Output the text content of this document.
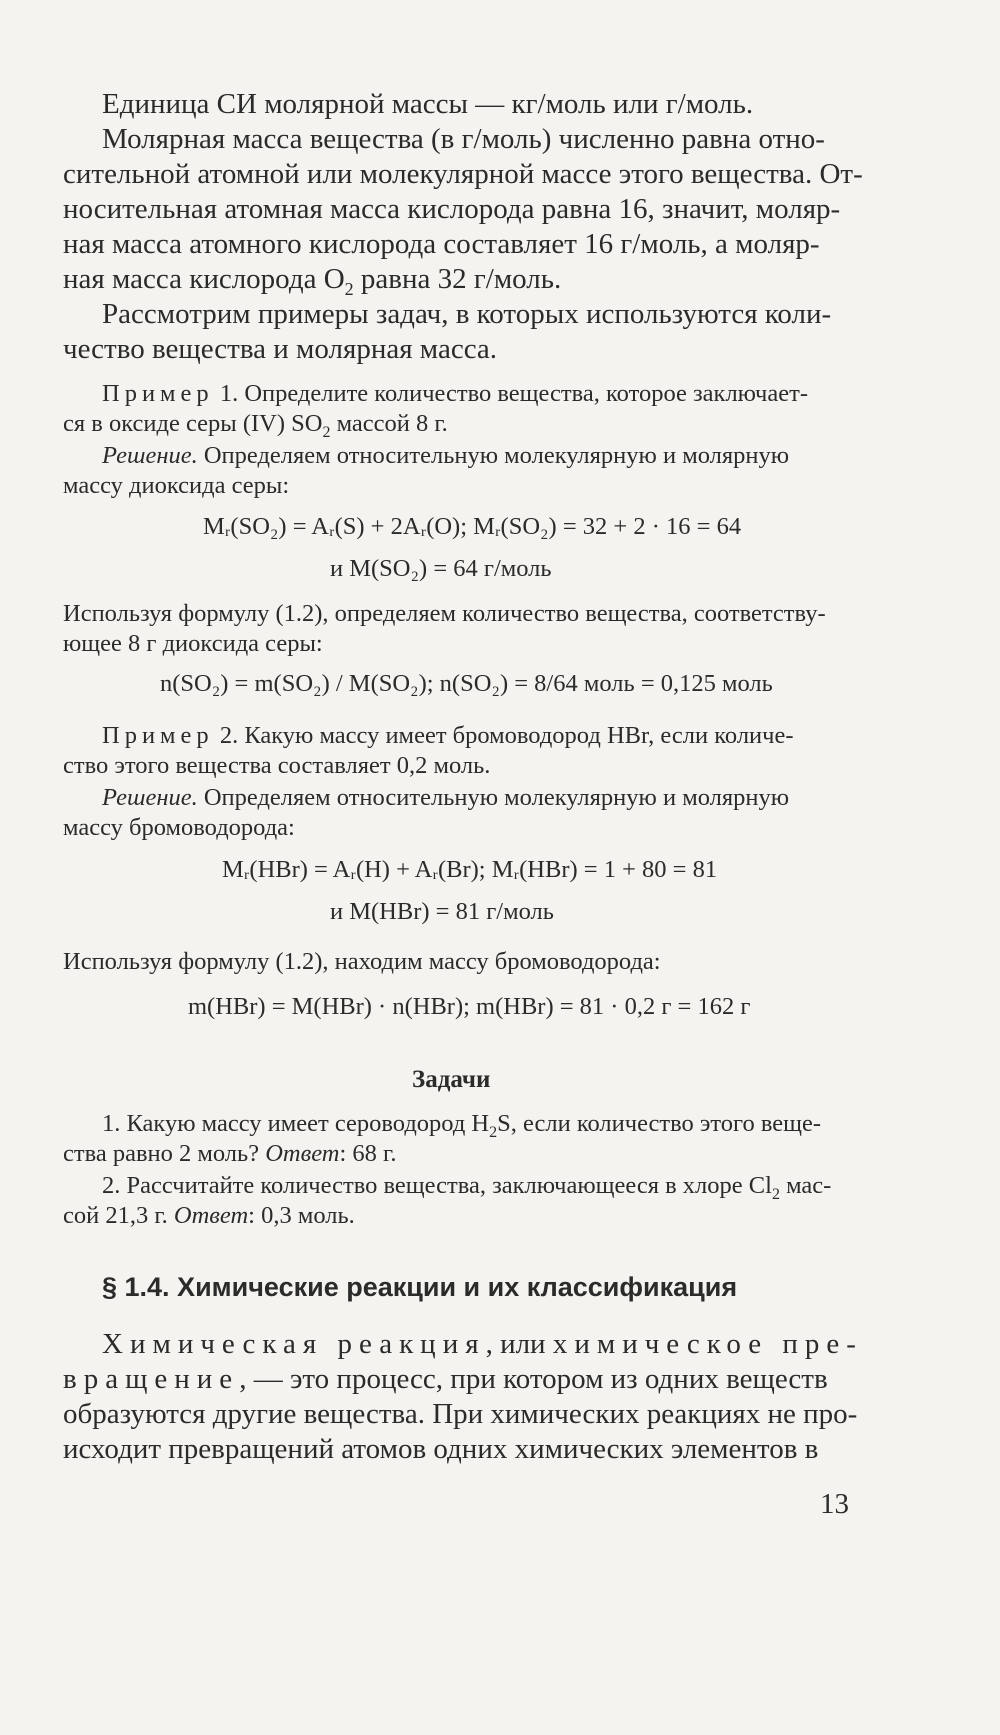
Единица СИ молярной массы — кг/моль или г/моль.
Молярная масса вещества (в г/моль) численно равна отно-
сительной атомной или молекулярной массе этого вещества. От-
носительная атомная масса кислорода равна 16, значит, моляр-
ная масса атомного кислорода составляет 16 г/моль, а моляр-
ная масса кислорода $O_2$ равна 32 г/моль.
Рассмотрим примеры задач, в которых используются коли-
чество вещества и молярная масса.
Пример 1. Определите количество вещества, которое заключает-
ся в оксиде серы (IV) $SO_2$ массой 8 г.
Решение. Определяем относительную молекулярную и молярную
массу диоксида серы:
Mᵣ(SO₂) = Aᵣ(S) + 2Aᵣ(O); Mᵣ(SO₂) = 32 + 2 · 16 = 64
и M(SO₂) = 64 г/моль
Используя формулу (1.2), определяем количество вещества, соответству-
ющее 8 г диоксида серы:
n(SO₂) = m(SO₂) / M(SO₂); n(SO₂) = 8/64 моль = 0,125 моль
Пример 2. Какую массу имеет бромоводород HBr, если количе-
ство этого вещества составляет 0,2 моль.
Решение. Определяем относительную молекулярную и молярную
массу бромоводорода:
Mᵣ(HBr) = Aᵣ(H) + Aᵣ(Br); Mᵣ(HBr) = 1 + 80 = 81
и M(HBr) = 81 г/моль
Используя формулу (1.2), находим массу бромоводорода:
m(HBr) = M(HBr) · n(HBr); m(HBr) = 81 · 0,2 г = 162 г
Задачи
1. Какую массу имеет сероводород $H_2S$, если количество этого веще-
ства равно 2 моль? Ответ: 68 г.
2. Рассчитайте количество вещества, заключающееся в хлоре $Cl_2$ мас-
сой 21,3 г. Ответ: 0,3 моль.
§ 1.4. Химические реакции и их классификация
Химическая реакция, или химическое пре-
вращение, — это процесс, при котором из одних веществ
образуются другие вещества. При химических реакциях не про-
исходит превращений атомов одних химических элементов в
13
